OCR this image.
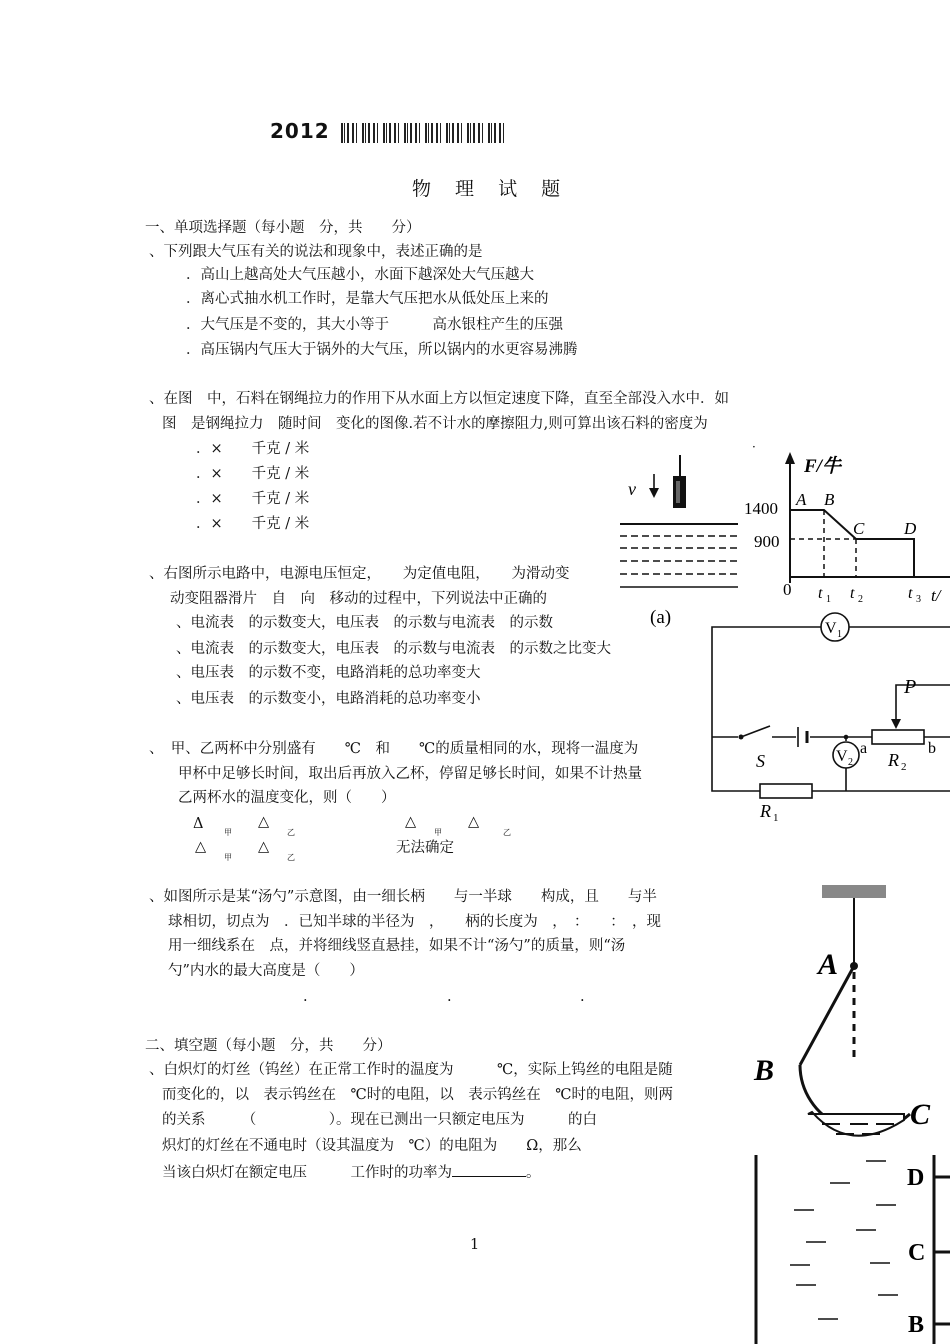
2012
物 理 试 题
一、单项选择题（每小题　分，共　　分）
、下列跟大气压有关的说法和现象中，表述正确的是
．高山上越高处大气压越小，水面下越深处大气压越大
．离心式抽水机工作时，是靠大气压把水从低处压上来的
．大气压是不变的，其大小等于　　　高水银柱产生的压强
．高压锅内气压大于锅外的大气压，所以锅内的水更容易沸腾
、在图　中，石料在钢绳拉力的作用下从水面上方以恒定速度下降，直至全部没入水中．如
图　是钢绳拉力　随时间　变化的图像.若不计水的摩擦阻力,则可算出该石料的密度为
．×　　千克 / 米
．×　　千克 / 米
．×　　千克 / 米
．×　　千克 / 米
、右图所示电路中，电源电压恒定，　　为定值电阻，　　为滑动变
动变阻器滑片　自　向　移动的过程中，下列说法中正确的
、电流表　的示数变大，电压表　的示数与电流表　的示数
、电流表　的示数变大，电压表　的示数与电流表　的示数之比变大
、电压表　的示数不变，电路消耗的总功率变大
、电压表　的示数变小，电路消耗的总功率变小
、　甲、乙两杯中分别盛有　　℃　和　　℃的质量相同的水，现将一温度为
甲杯中足够长时间，取出后再放入乙杯，停留足够长时间，如果不计热量
乙两杯水的温度变化，则（　　）
Δ
甲
△
乙
△
甲
△
乙
△
甲
△
乙
无法确定
、如图所示是某“汤勺”示意图，由一细长柄　　与一半球　　构成，且　　与半
球相切，切点为　．已知半球的半径为　，　　柄的长度为　，　：　　：　，现
用一细线系在　点，并将细线竖直悬挂，如果不计“汤勺”的质量，则“汤
勺”内水的最大高度是（　　）
.	.	.
二、填空题（每小题　分，共　　分）
、白炽灯的灯丝（钨丝）在正常工作时的温度为　　　℃，实际上钨丝的电阻是随
而变化的，以　表示钨丝在　℃时的电阻，以　表示钨丝在　℃时的电阻，则两
的关系　　　（　　　　　）。现在已测出一只额定电压为　　　的白
炽灯的灯丝在不通电时（设其温度为　℃）的电阻为　　Ω，那么
当该白炽灯在额定电压　　　工作时的功率为	。
1
v
(a)
F/牛
1400
900
0
A B
C D
t 1 t 2	t 3 t/
V 1
V 2
P
R 2
a	b
S
R 1
A
B
C
D
C
B
·
